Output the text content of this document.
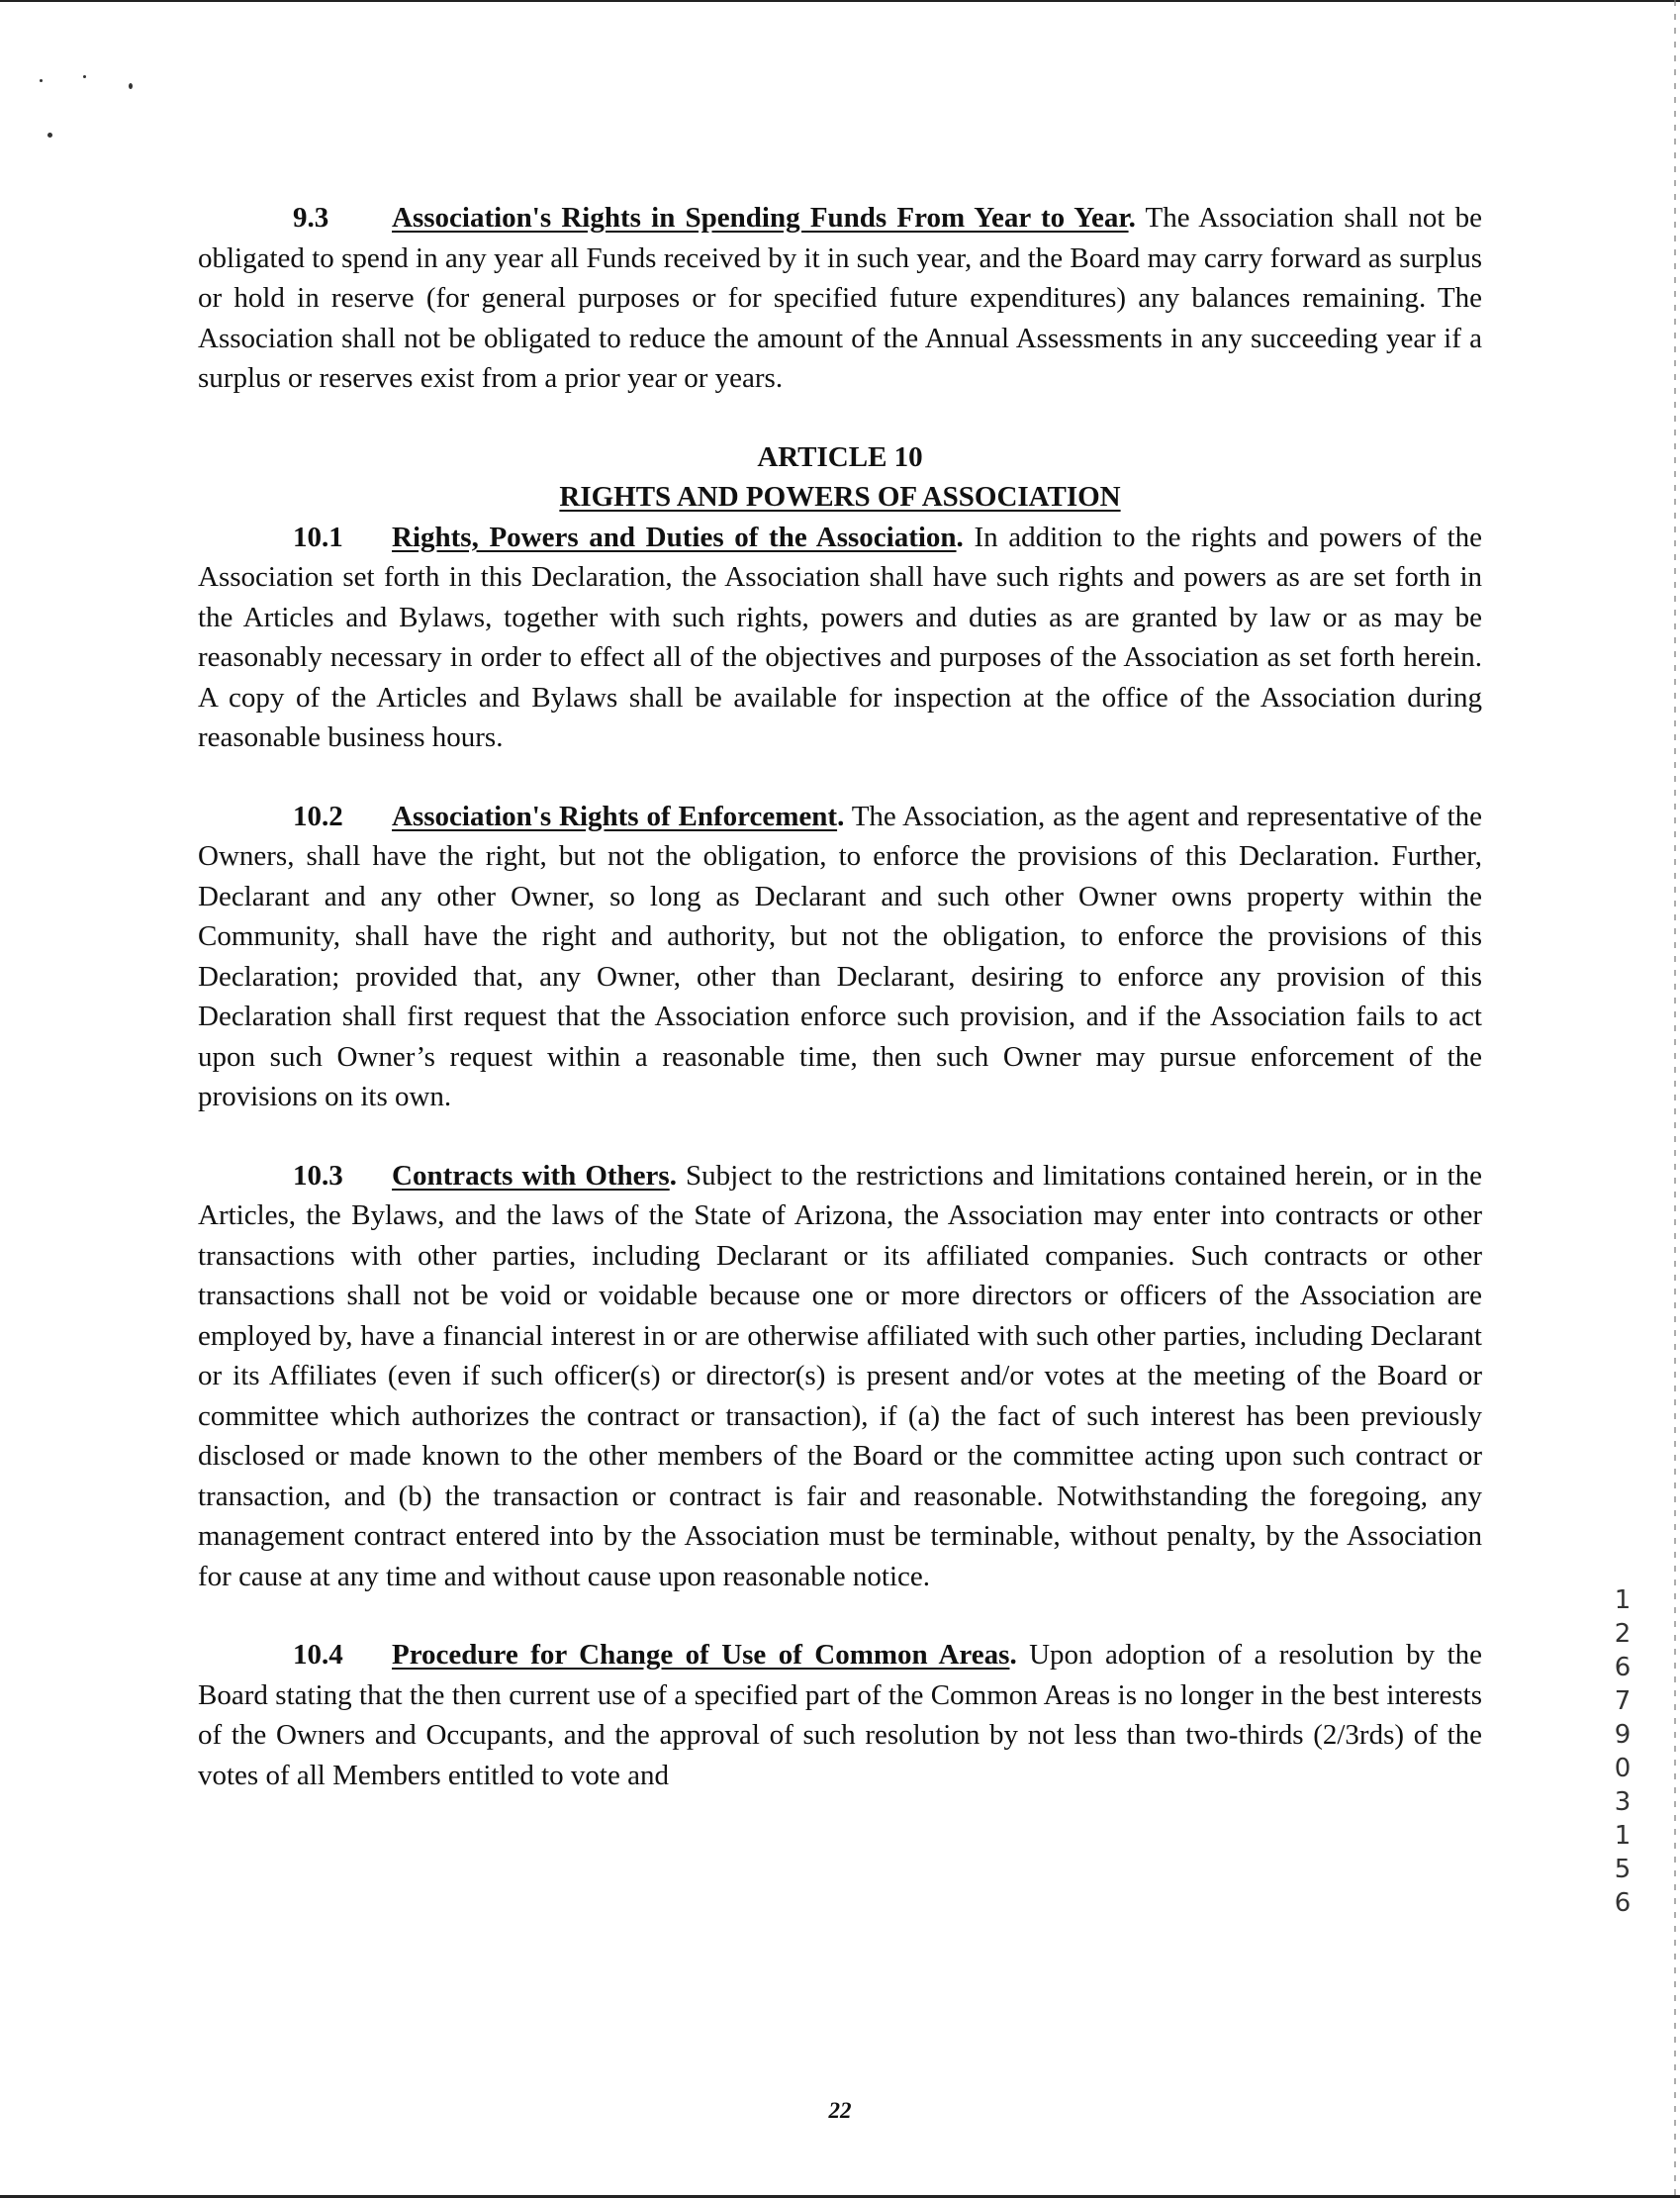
9.3 Association's Rights in Spending Funds From Year to Year. The Association shall not be obligated to spend in any year all Funds received by it in such year, and the Board may carry forward as surplus or hold in reserve (for general purposes or for specified future expenditures) any balances remaining. The Association shall not be obligated to reduce the amount of the Annual Assessments in any succeeding year if a surplus or reserves exist from a prior year or years.

ARTICLE 10

RIGHTS AND POWERS OF ASSOCIATION

10.1 Rights, Powers and Duties of the Association. In addition to the rights and powers of the Association set forth in this Declaration, the Association shall have such rights and powers as are set forth in the Articles and Bylaws, together with such rights, powers and duties as are granted by law or as may be reasonably necessary in order to effect all of the objectives and purposes of the Association as set forth herein. A copy of the Articles and Bylaws shall be available for inspection at the office of the Association during reasonable business hours.

10.2 Association's Rights of Enforcement. The Association, as the agent and representative of the Owners, shall have the right, but not the obligation, to enforce the provisions of this Declaration. Further, Declarant and any other Owner, so long as Declarant and such other Owner owns property within the Community, shall have the right and authority, but not the obligation, to enforce the provisions of this Declaration; provided that, any Owner, other than Declarant, desiring to enforce any provision of this Declaration shall first request that the Association enforce such provision, and if the Association fails to act upon such Owner’s request within a reasonable time, then such Owner may pursue enforcement of the provisions on its own.

10.3 Contracts with Others. Subject to the restrictions and limitations contained herein, or in the Articles, the Bylaws, and the laws of the State of Arizona, the Association may enter into contracts or other transactions with other parties, including Declarant or its affiliated companies. Such contracts or other transactions shall not be void or voidable because one or more directors or officers of the Association are employed by, have a financial interest in or are otherwise affiliated with such other parties, including Declarant or its Affiliates (even if such officer(s) or director(s) is present and/or votes at the meeting of the Board or committee which authorizes the contract or transaction), if (a) the fact of such interest has been previously disclosed or made known to the other members of the Board or the committee acting upon such contract or transaction, and (b) the transaction or contract is fair and reasonable. Notwithstanding the foregoing, any management contract entered into by the Association must be terminable, without penalty, by the Association for cause at any time and without cause upon reasonable notice.

10.4 Procedure for Change of Use of Common Areas. Upon adoption of a resolution by the Board stating that the then current use of a specified part of the Common Areas is no longer in the best interests of the Owners and Occupants, and the approval of such resolution by not less than two-thirds (2/3rds) of the votes of all Members entitled to vote and

12679 03156
22
